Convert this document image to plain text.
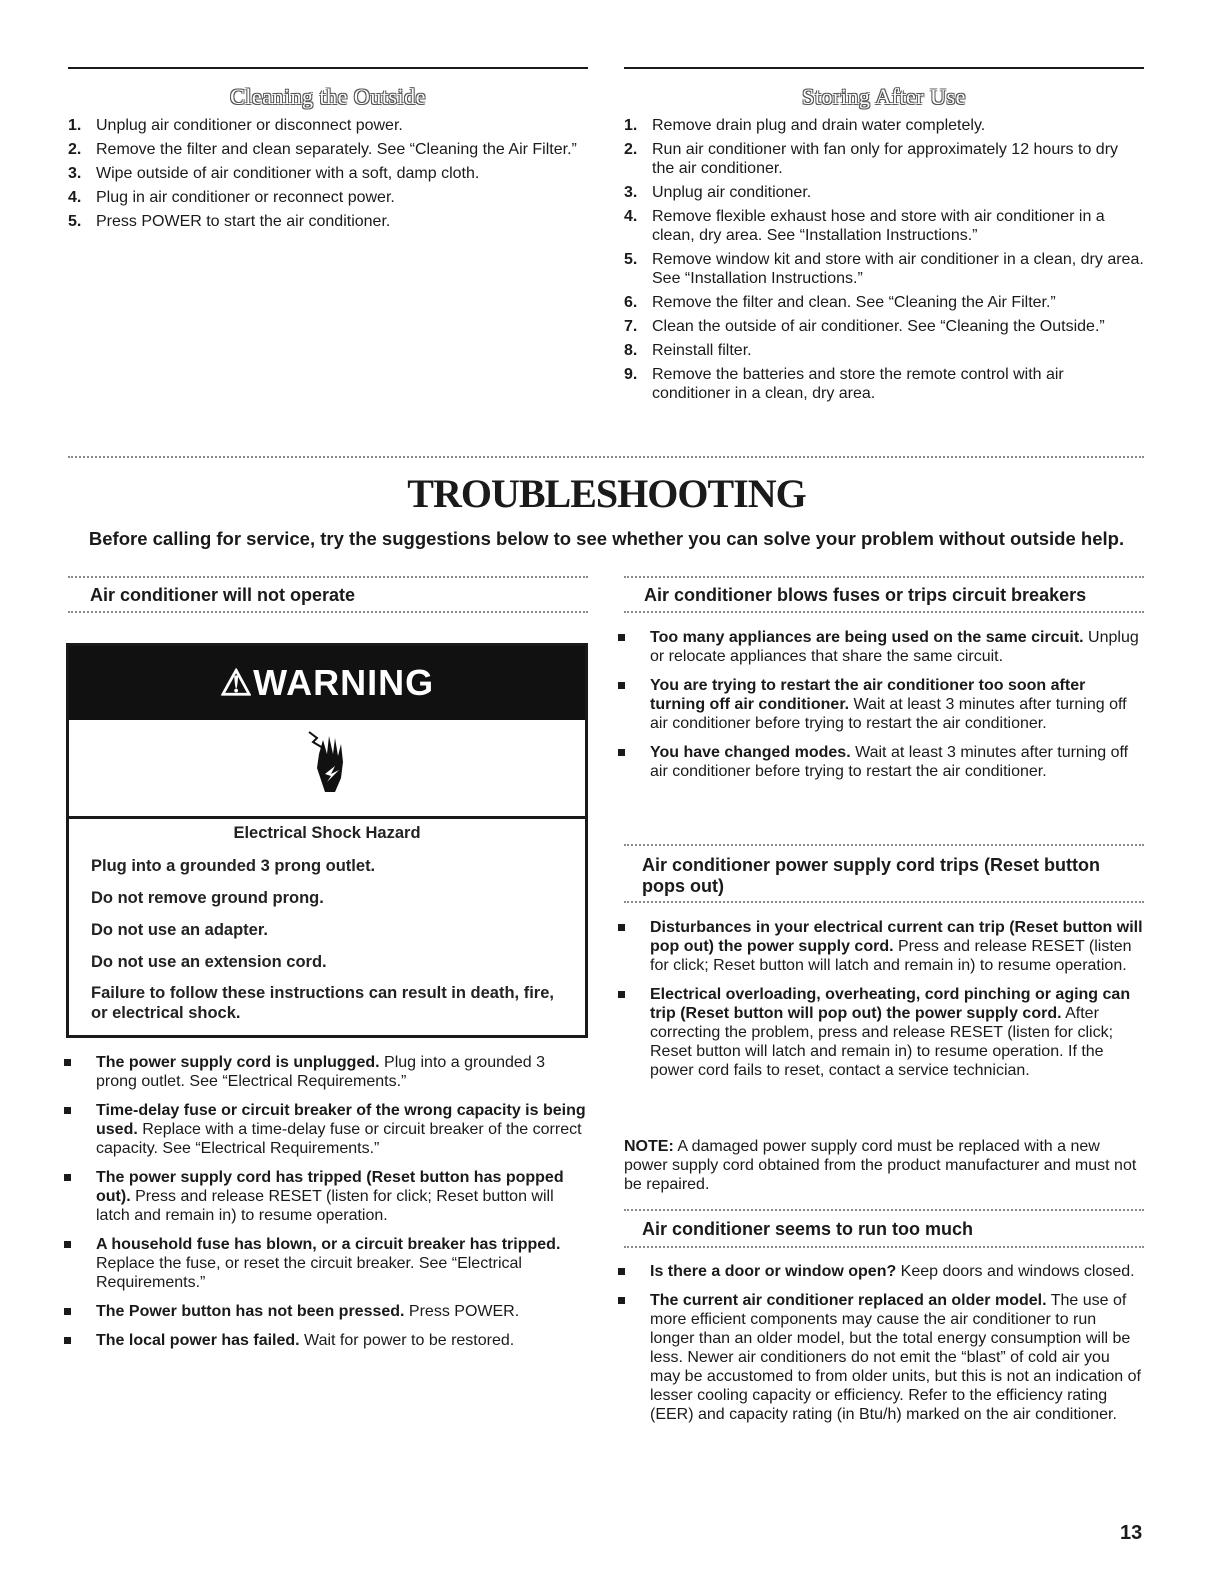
Cleaning the Outside
1. Unplug air conditioner or disconnect power.
2. Remove the filter and clean separately. See “Cleaning the Air Filter.”
3. Wipe outside of air conditioner with a soft, damp cloth.
4. Plug in air conditioner or reconnect power.
5. Press POWER to start the air conditioner.
Storing After Use
1. Remove drain plug and drain water completely.
2. Run air conditioner with fan only for approximately 12 hours to dry the air conditioner.
3. Unplug air conditioner.
4. Remove flexible exhaust hose and store with air conditioner in a clean, dry area. See “Installation Instructions.”
5. Remove window kit and store with air conditioner in a clean, dry area. See “Installation Instructions.”
6. Remove the filter and clean. See “Cleaning the Air Filter.”
7. Clean the outside of air conditioner. See “Cleaning the Outside.”
8. Reinstall filter.
9. Remove the batteries and store the remote control with air conditioner in a clean, dry area.
TROUBLESHOOTING
Before calling for service, try the suggestions below to see whether you can solve your problem without outside help.
Air conditioner will not operate
⚠WARNING
Electrical Shock Hazard
Plug into a grounded 3 prong outlet.
Do not remove ground prong.
Do not use an adapter.
Do not use an extension cord.
Failure to follow these instructions can result in death, fire, or electrical shock.
The power supply cord is unplugged. Plug into a grounded 3 prong outlet. See “Electrical Requirements.”
Time-delay fuse or circuit breaker of the wrong capacity is being used. Replace with a time-delay fuse or circuit breaker of the correct capacity. See “Electrical Requirements.”
The power supply cord has tripped (Reset button has popped out). Press and release RESET (listen for click; Reset button will latch and remain in) to resume operation.
A household fuse has blown, or a circuit breaker has tripped. Replace the fuse, or reset the circuit breaker. See “Electrical Requirements.”
The Power button has not been pressed. Press POWER.
The local power has failed. Wait for power to be restored.
Air conditioner blows fuses or trips circuit breakers
Too many appliances are being used on the same circuit. Unplug or relocate appliances that share the same circuit.
You are trying to restart the air conditioner too soon after turning off air conditioner. Wait at least 3 minutes after turning off air conditioner before trying to restart the air conditioner.
You have changed modes. Wait at least 3 minutes after turning off air conditioner before trying to restart the air conditioner.
Air conditioner power supply cord trips (Reset button pops out)
Disturbances in your electrical current can trip (Reset button will pop out) the power supply cord. Press and release RESET (listen for click; Reset button will latch and remain in) to resume operation.
Electrical overloading, overheating, cord pinching or aging can trip (Reset button will pop out) the power supply cord. After correcting the problem, press and release RESET (listen for click; Reset button will latch and remain in) to resume operation. If the power cord fails to reset, contact a service technician.
NOTE: A damaged power supply cord must be replaced with a new power supply cord obtained from the product manufacturer and must not be repaired.
Air conditioner seems to run too much
Is there a door or window open? Keep doors and windows closed.
The current air conditioner replaced an older model. The use of more efficient components may cause the air conditioner to run longer than an older model, but the total energy consumption will be less. Newer air conditioners do not emit the “blast” of cold air you may be accustomed to from older units, but this is not an indication of lesser cooling capacity or efficiency. Refer to the efficiency rating (EER) and capacity rating (in Btu/h) marked on the air conditioner.
13
